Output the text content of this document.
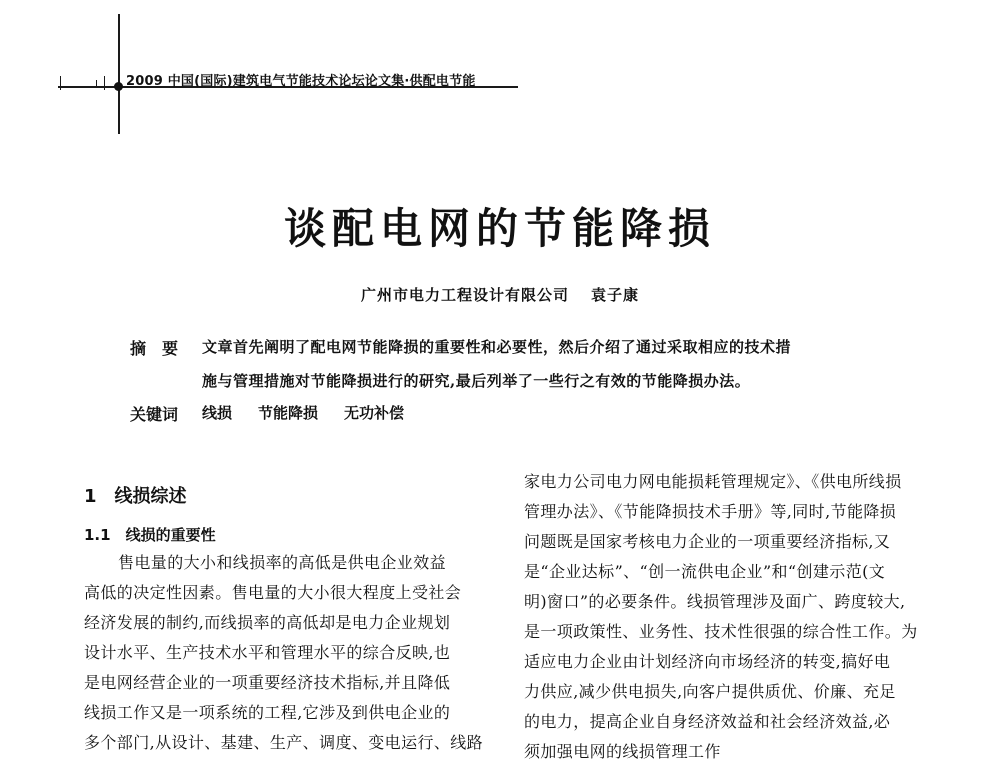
2009 中国(国际)建筑电气节能技术论坛论文集·供配电节能
谈配电网的节能降损
广州市电力工程设计有限公司 袁子康
摘要 文章首先阐明了配电网节能降损的重要性和必要性，然后介绍了通过采取相应的技术措
施与管理措施对节能降损进行的研究,最后列举了一些行之有效的节能降损办法。
关键词 线损 节能降损 无功补偿
1　线损综述
1.1　线损的重要性
售电量的大小和线损率的高低是供电企业效益
高低的决定性因素。售电量的大小很大程度上受社会
经济发展的制约,而线损率的高低却是电力企业规划
设计水平、生产技术水平和管理水平的综合反映,也
是电网经营企业的一项重要经济技术指标,并且降低
线损工作又是一项系统的工程,它涉及到供电企业的
多个部门,从设计、基建、生产、调度、变电运行、线路
家电力公司电力网电能损耗管理规定》、《供电所线损
管理办法》、《节能降损技术手册》等,同时,节能降损
问题既是国家考核电力企业的一项重要经济指标,又
是“企业达标”、“创一流供电企业”和“创建示范(文
明)窗口”的必要条件。线损管理涉及面广、跨度较大,
是一项政策性、业务性、技术性很强的综合性工作。为
适应电力企业由计划经济向市场经济的转变,搞好电
力供应,减少供电损失,向客户提供质优、价廉、充足
的电力，提高企业自身经济效益和社会经济效益,必
须加强电网的线损管理工作
